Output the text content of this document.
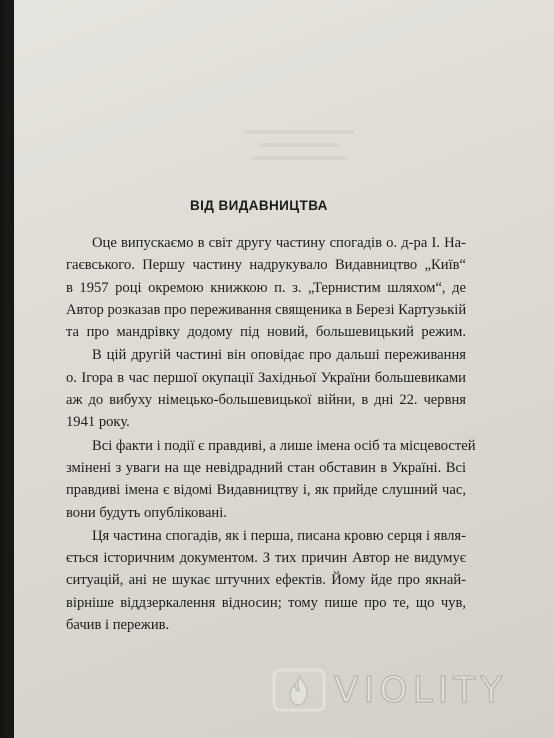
ВІД ВИДАВНИЦТВА
Оце випускаємо в світ другу частину спогадів о. д-ра І. На-
гаєвського. Першу частину надрукувало Видавництво „Київ“
в 1957 році окремою книжкою п. з. „Тернистим шляхом“, де
Автор розказав про переживання священика в Березі Картузькій
та про мандрівку додому під новий, большевицький режим.
В цій другій частині він оповідає про дальші переживання
о. Ігора в час першої окупації Західньої України большевиками
аж до вибуху німецько-большевицької війни, в дні 22. червня
1941 року.
Всі факти і події є правдиві, а лише імена осіб та місцевостей
змінені з уваги на ще невідрадний стан обставин в Україні. Всі
правдиві імена є відомі Видавництву і, як прийде слушний час,
вони будуть опубліковані.
Ця частина спогадів, як і перша, писана кровю серця і явля-
ється історичним документом. З тих причин Автор не видумує
ситуацій, ані не шукає штучних ефектів. Йому йде про якнай-
вірніше віддзеркалення відносин; тому пише про те, що чув,
бачив і пережив.
VIOLITY
